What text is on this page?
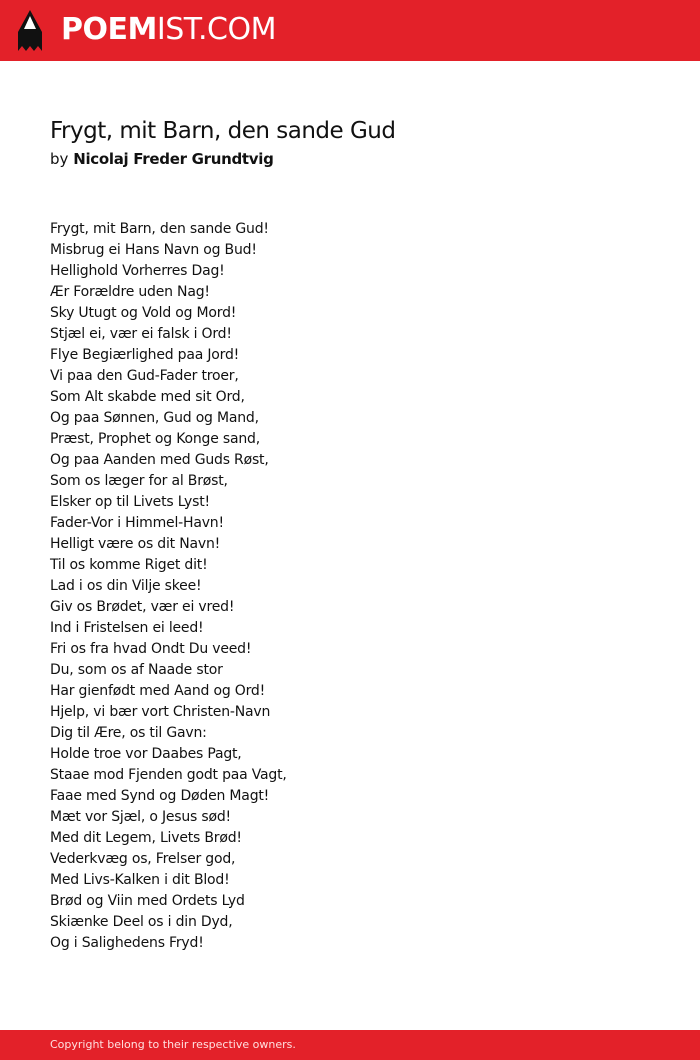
POEMIST.COM
Frygt, mit Barn, den sande Gud
by Nicolaj Freder Grundtvig
Frygt, mit Barn, den sande Gud!
Misbrug ei Hans Navn og Bud!
Hellighold Vorherres Dag!
Ær Forældre uden Nag!
Sky Utugt og Vold og Mord!
Stjæl ei, vær ei falsk i Ord!
Flye Begiærlighed paa Jord!
Vi paa den Gud-Fader troer,
Som Alt skabde med sit Ord,
Og paa Sønnen, Gud og Mand,
Præst, Prophet og Konge sand,
Og paa Aanden med Guds Røst,
Som os læger for al Brøst,
Elsker op til Livets Lyst!
Fader-Vor i Himmel-Havn!
Helligt være os dit Navn!
Til os komme Riget dit!
Lad i os din Vilje skee!
Giv os Brødet, vær ei vred!
Ind i Fristelsen ei leed!
Fri os fra hvad Ondt Du veed!
Du, som os af Naade stor
Har gienfødt med Aand og Ord!
Hjelp, vi bær vort Christen-Navn
Dig til Ære, os til Gavn:
Holde troe vor Daabes Pagt,
Staae mod Fjenden godt paa Vagt,
Faae med Synd og Døden Magt!
Mæt vor Sjæl, o Jesus sød!
Med dit Legem, Livets Brød!
Vederkvæg os, Frelser god,
Med Livs-Kalken i dit Blod!
Brød og Viin med Ordets Lyd
Skiænke Deel os i din Dyd,
Og i Salighedens Fryd!
Copyright belong to their respective owners.
